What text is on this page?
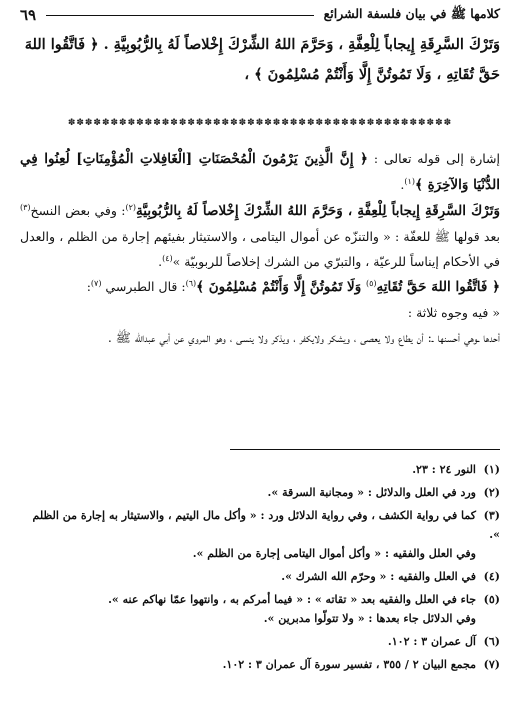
كلامها ﷺ في بيان فلسفة الشرائع
٦٩
وَتَرْكَ السَّرِقَةِ إِيجاباً لِلْعِفَّةِ ، وَحَرَّمَ اللهُ الشِّرْكَ إِخْلاصاً لَهُ بِالرُّبُوبِيَّةِ . ﴿ فَاتَّقُوا اللهَ
حَقَّ تُقَاتِهِ ، وَلَا تَمُوتُنَّ إِلَّا وَأَنْتُمْ مُسْلِمُونَ ﴾ ،
✽✽✽✽✽✽✽✽✽✽✽✽✽✽✽✽✽✽✽✽✽✽✽✽✽✽✽✽✽✽✽✽✽✽✽✽✽✽✽✽✽✽✽✽✽
إشارة إلى قوله تعالى : ﴿ إِنَّ الَّذِينَ يَرْمُونَ الْمُحْصَنَاتِ [الْغَافِلاتِ الْمُؤْمِنَاتِ] لُعِنُوا فِي الدُّنْيَا وَالآخِرَةِ ﴾$^{(١)}$.
وَتَرْكَ السَّرِقَةِ إِيجاباً لِلْعِفَّةِ ، وَحَرَّمَ اللهُ الشِّرْكَ إِخْلاصاً لَهُ بِالرُّبُوبِيَّةِ$^{(٢)}$: وفي بعض النسخ$^{(٣)}$ بعد قولها ﷺ للعفّة : « والتنزّه عن أموال اليتامى ، والاستيثار بفيئهم إجارة من الظلم ، والعدل في الأحكام إيناساً للرعيّة ، والتبرّي من الشرك إخلاصاً للربوبيّة »$^{(٤)}$.
﴿ فَاتَّقُوا اللهَ حَقَّ تُقَاتِهِ$^{(٥)}$ وَلَا تَمُوتُنَّ إِلَّا وَأَنْتُمْ مُسْلِمُونَ ﴾$^{(٦)}$: قال الطبرسي $^{(٧)}$:
« فيه وجوه ثلاثة :
أحدها ـوهي أحسنها ـ: أن يطاع ولا يعصى ، ويشكر ولايكفر ، ويذكر ولا ينسى ، وهو المروي عن أبي عبدالله ﷺ .
(١)النور ٢٤ : ٢٣.
(٢)ورد في العلل والدلائل : « ومجانبة السرقة ».
(٣)كما في رواية الكشف ، وفي رواية الدلائل ورد : « وأكل مال اليتيم ، والاستيثار به إجارة من الظلم ».
وفي العلل والفقيه : « وأكل أموال اليتامى إجارة من الظلم ».
(٤)في العلل والفقيه : « وحرّم الله الشرك ».
(٥)جاء في العلل والفقيه بعد « تقاته » : « فيما أمركم به ، وانتهوا عمّا نهاكم عنه ».
وفي الدلائل جاء بعدها : « ولا تتولّوا مدبرين ».
(٦)آل عمران ٣ : ١٠٢.
(٧)مجمع البيان ٢ / ٣٥٥ ، تفسير سورة آل عمران ٣ : ١٠٢.
